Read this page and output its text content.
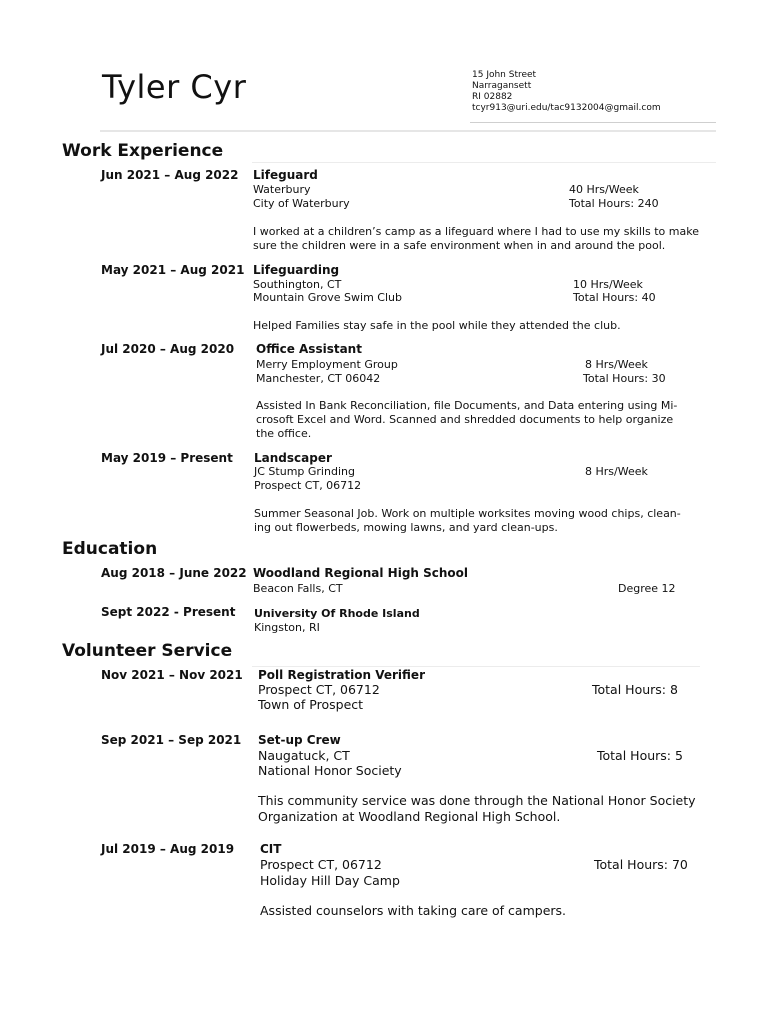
Tyler Cyr	15 John Street
Narragansett
RI 02882
tcyr913@uri.edu/tac9132004@gmail.com
Work Experience
Jun 2021 – Aug 2022 Lifeguard
Waterbury
City of Waterbury
40 Hrs/Week
Total Hours: 240
I worked at a children’s camp as a lifeguard where I had to use my skills to make sure the children were in a safe environment when in and around the pool.
May 2021 – Aug 2021 Lifeguarding
Southington, CT
Mountain Grove Swim Club
10 Hrs/Week
Total Hours: 40
Helped Families stay safe in the pool while they attended the club.
Jul 2020 – Aug 2020 Office Assistant
Merry Employment Group
Manchester, CT 06042
8 Hrs/Week
Total Hours: 30
Assisted In Bank Reconciliation, file Documents, and Data entering using Mi-crosoft Excel and Word. Scanned and shredded documents to help organize the office.
May 2019 – Present Landscaper
JC Stump Grinding
Prospect CT, 06712
8 Hrs/Week
Summer Seasonal Job. Work on multiple worksites moving wood chips, clean-ing out flowerbeds, mowing lawns, and yard clean-ups.
Education
Aug 2018 – June 2022 Woodland Regional High School
Beacon Falls, CT	Degree 12
Sept 2022 - Present University Of Rhode Island
Kingston, RI
Volunteer Service
Nov 2021 – Nov 2021 Poll Registration Verifier
Prospect CT, 06712
Town of Prospect
Total Hours: 8
Sep 2021 – Sep 2021 Set-up Crew
Naugatuck, CT
National Honor Society
Total Hours: 5
This community service was done through the National Honor Society Organization at Woodland Regional High School.
Jul 2019 – Aug 2019 CIT
Prospect CT, 06712
Holiday Hill Day Camp
Total Hours: 70
Assisted counselors with taking care of campers.
